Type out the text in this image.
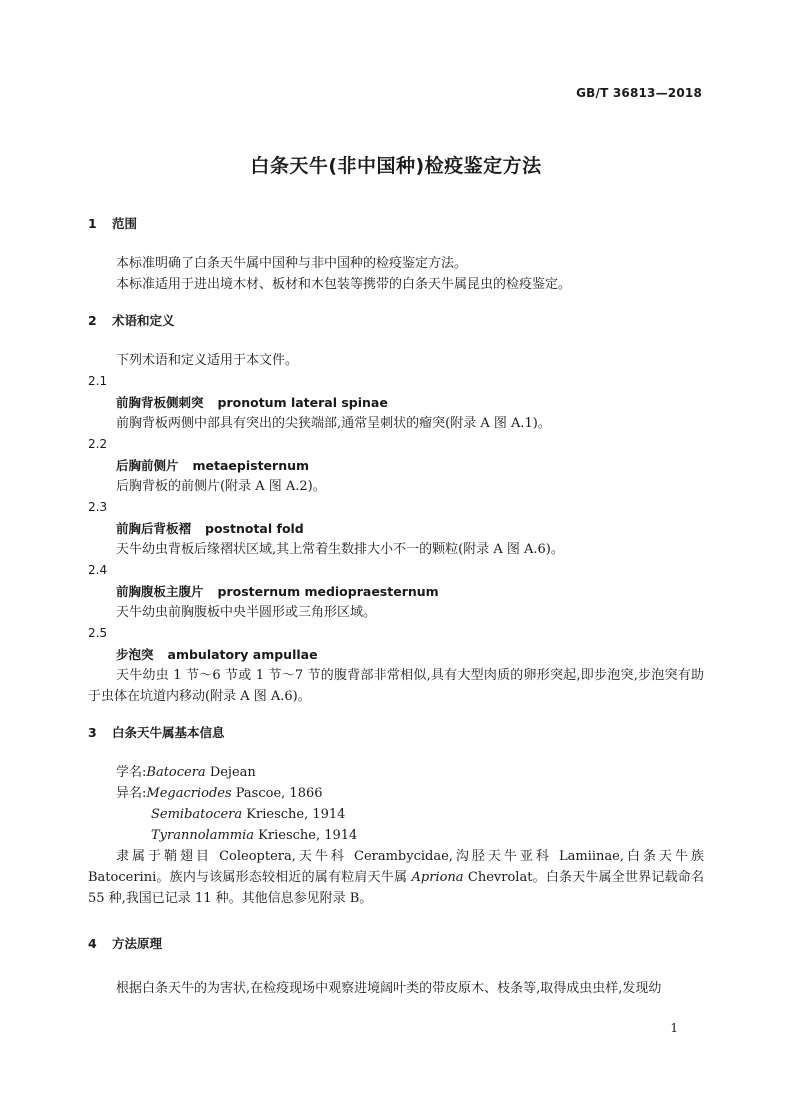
GB/T 36813—2018
白条天牛(非中国种)检疫鉴定方法
1 范围
本标准明确了白条天牛属中国种与非中国种的检疫鉴定方法。
本标准适用于进出境木材、板材和木包装等携带的白条天牛属昆虫的检疫鉴定。
2 术语和定义
下列术语和定义适用于本文件。
2.1
前胸背板侧刺突 pronotum lateral spinae
前胸背板两侧中部具有突出的尖狭端部,通常呈刺状的瘤突(附录 A 图 A.1)。
2.2
后胸前侧片 metaepisternum
后胸背板的前侧片(附录 A 图 A.2)。
2.3
前胸后背板褶 postnotal fold
天牛幼虫背板后缘褶状区域,其上常着生数排大小不一的颗粒(附录 A 图 A.6)。
2.4
前胸腹板主腹片 prosternum mediopraesternum
天牛幼虫前胸腹板中央半圆形或三角形区域。
2.5
步泡突 ambulatory ampullae
天牛幼虫 1 节～6 节或 1 节～7 节的腹背部非常相似,具有大型肉质的卵形突起,即步泡突,步泡突有助于虫体在坑道内移动(附录 A 图 A.6)。
3 白条天牛属基本信息
学名:Batocera Dejean
异名:Megacriodes Pascoe, 1866
Semibatocera Kriesche, 1914
Tyrannolammia Kriesche, 1914
隶属于鞘翅目 Coleoptera,天牛科 Cerambycidae,沟胫天牛亚科 Lamiinae,白条天牛族 Batocerini。族内与该属形态较相近的属有粒肩天牛属 Apriona Chevrolat。白条天牛属全世界记载命名 55 种,我国已记录 11 种。其他信息参见附录 B。
4 方法原理
根据白条天牛的为害状,在检疫现场中观察进境阔叶类的带皮原木、枝条等,取得成虫虫样,发现幼
1
